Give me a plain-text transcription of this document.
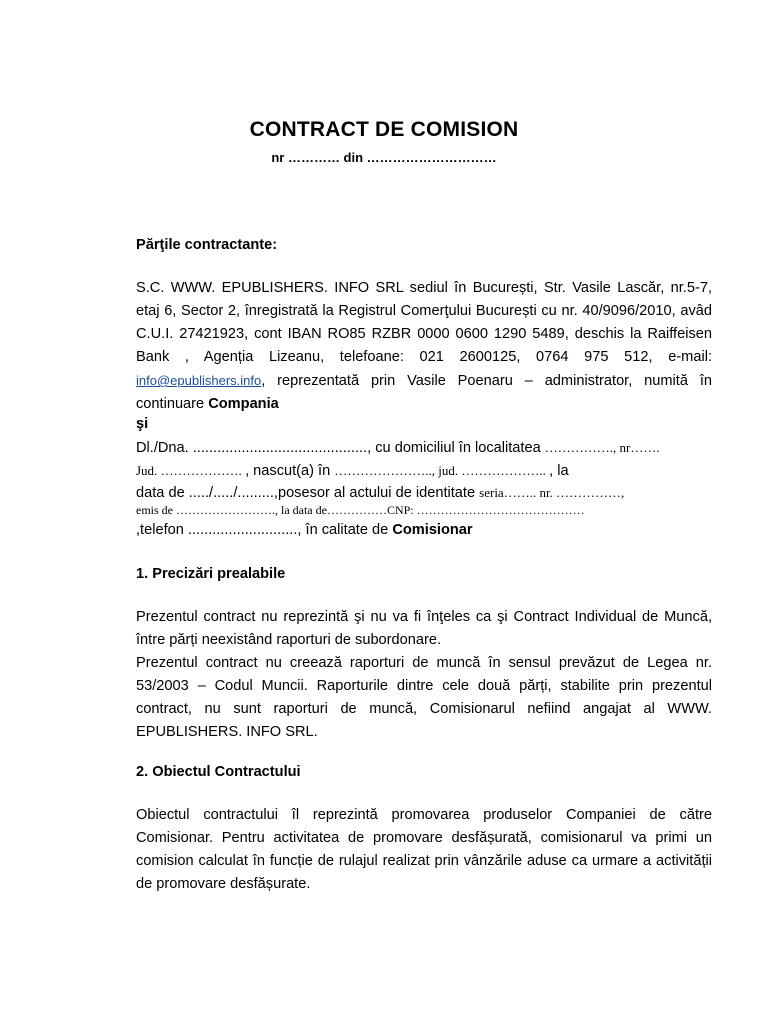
CONTRACT DE COMISION
nr ………… din …………………………
Părţile contractante:

S.C. WWW. EPUBLISHERS. INFO SRL sediul în București, Str. Vasile Lascăr, nr.5-7, etaj 6, Sector 2, înregistrată la Registrul Comerţului București cu nr. 40/9096/2010, avâd C.U.I. 27421923, cont IBAN RO85 RZBR 0000 0600 1290 5489, deschis la Raiffeisen Bank , Agenția Lizeanu, telefoane: 021 2600125, 0764 975 512, e-mail: info@epublishers.info, reprezentată prin Vasile Poenaru – administrator, numită în continuare Compania

şi
Dl./Dna. ..........................................., cu domiciliul în localitatea ……………., nr…….
Jud. ………………. , nascut(a) în ………………….., jud. ……………….. , la
data de ...../...../.........,posesor al actului de identitate seria…….. nr. ……………,
emis de ……………………., la data de……………CNP: ……………………………………
,telefon ..........................., în calitate de Comisionar
1. Precizări prealabile

Prezentul contract nu reprezintă şi nu va fi înţeles ca şi Contract Individual de Muncă, între părți neexistând raporturi de subordonare.

Prezentul contract nu creează raporturi de muncă în sensul prevăzut de Legea nr. 53/2003 – Codul Muncii. Raporturile dintre cele două părți, stabilite prin prezentul contract, nu sunt raporturi de muncă, Comisionarul nefiind angajat al WWW. EPUBLISHERS. INFO SRL.

2. Obiectul Contractului

Obiectul contractului îl reprezintă promovarea produselor Companiei de către Comisionar. Pentru activitatea de promovare desfășurată, comisionarul va primi un comision calculat în funcție de rulajul realizat prin vânzările aduse ca urmare a activității de promovare desfășurate.
